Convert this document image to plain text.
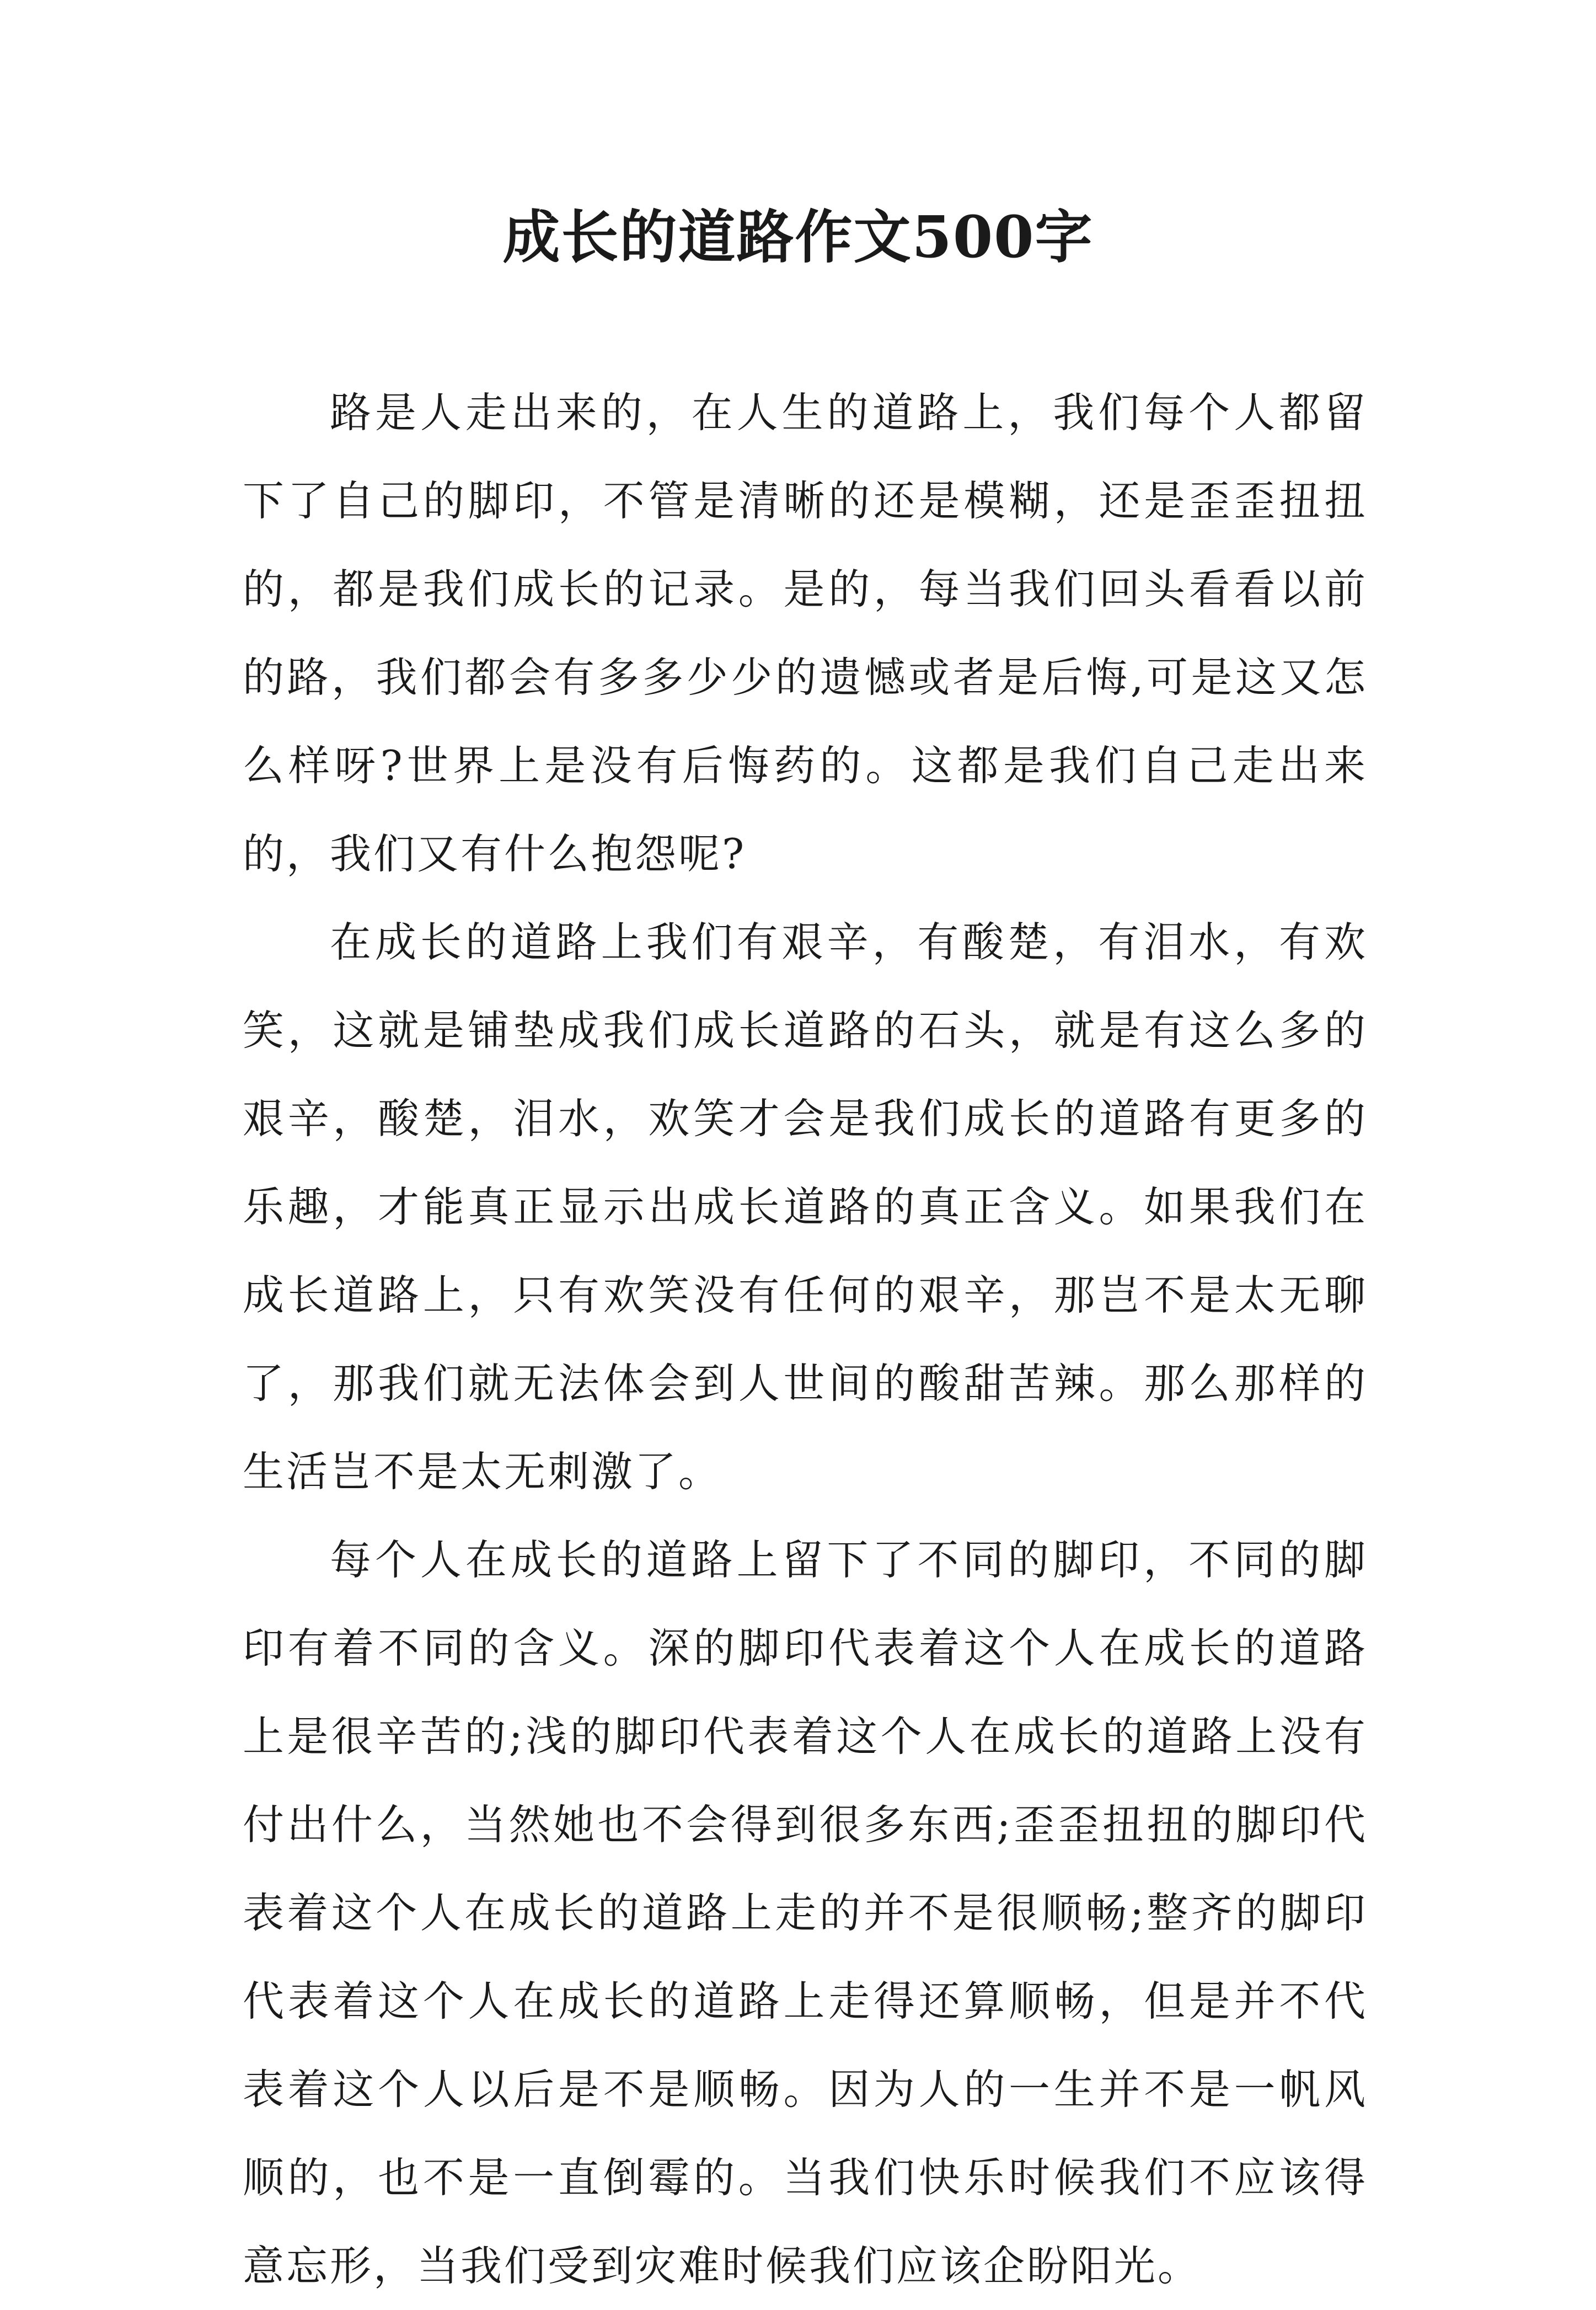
成长的道路作文500字

路是人走出来的，在人生的道路上，我们每个人都留下了自己的脚印，不管是清晰的还是模糊，还是歪歪扭扭的，都是我们成长的记录。是的，每当我们回头看看以前的路，我们都会有多多少少的遗憾或者是后悔,可是这又怎么样呀?世界上是没有后悔药的。这都是我们自己走出来的，我们又有什么抱怨呢?

在成长的道路上我们有艰辛，有酸楚，有泪水，有欢笑，这就是铺垫成我们成长道路的石头，就是有这么多的艰辛，酸楚，泪水，欢笑才会是我们成长的道路有更多的乐趣，才能真正显示出成长道路的真正含义。如果我们在成长道路上，只有欢笑没有任何的艰辛，那岂不是太无聊了，那我们就无法体会到人世间的酸甜苦辣。那么那样的生活岂不是太无刺激了。

每个人在成长的道路上留下了不同的脚印，不同的脚印有着不同的含义。深的脚印代表着这个人在成长的道路上是很辛苦的;浅的脚印代表着这个人在成长的道路上没有付出什么，当然她也不会得到很多东西;歪歪扭扭的脚印代表着这个人在成长的道路上走的并不是很顺畅;整齐的脚印代表着这个人在成长的道路上走得还算顺畅，但是并不代表着这个人以后是不是顺畅。因为人的一生并不是一帆风顺的，也不是一直倒霉的。当我们快乐时候我们不应该得意忘形，当我们受到灾难时候我们应该企盼阳光。
